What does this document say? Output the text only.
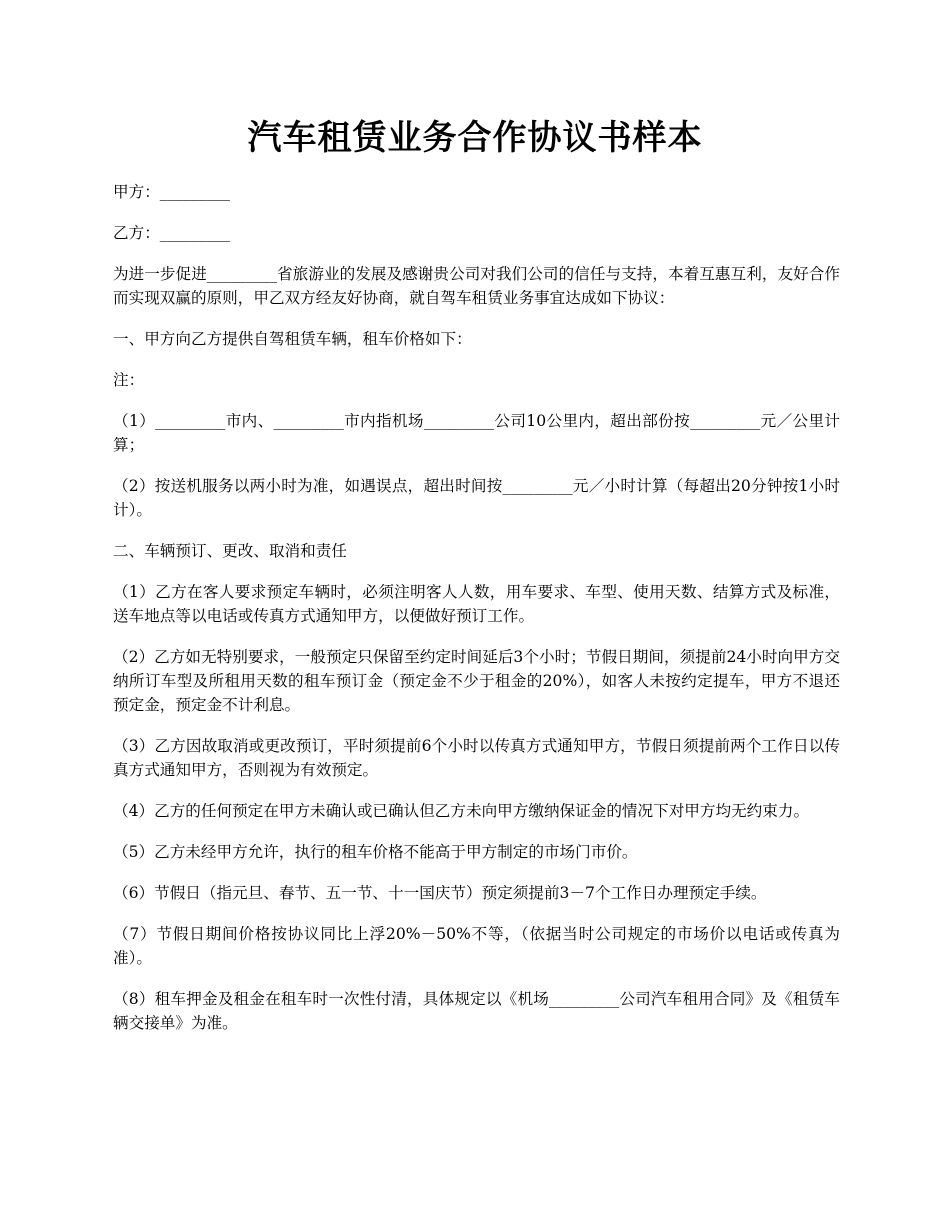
汽车租赁业务合作协议书样本

甲方：_________

乙方：_________

为进一步促进_________省旅游业的发展及感谢贵公司对我们公司的信任与支持，本着互惠互利，友好合作而实现双赢的原则，甲乙双方经友好协商，就自驾车租赁业务事宜达成如下协议：

一、甲方向乙方提供自驾租赁车辆，租车价格如下：

注：

（1）_________市内、_________市内指机场_________公司10公里内，超出部份按_________元／公里计算；

（2）按送机服务以两小时为准，如遇误点，超出时间按_________元／小时计算（每超出20分钟按1小时计）。

二、车辆预订、更改、取消和责任

（1）乙方在客人要求预定车辆时，必须注明客人人数，用车要求、车型、使用天数、结算方式及标准，送车地点等以电话或传真方式通知甲方，以便做好预订工作。

（2）乙方如无特别要求，一般预定只保留至约定时间延后3个小时；节假日期间，须提前24小时向甲方交纳所订车型及所租用天数的租车预订金（预定金不少于租金的20%），如客人未按约定提车，甲方不退还预定金，预定金不计利息。

（3）乙方因故取消或更改预订，平时须提前6个小时以传真方式通知甲方，节假日须提前两个工作日以传真方式通知甲方，否则视为有效预定。

（4）乙方的任何预定在甲方未确认或已确认但乙方未向甲方缴纳保证金的情况下对甲方均无约束力。

（5）乙方未经甲方允许，执行的租车价格不能高于甲方制定的市场门市价。

（6）节假日（指元旦、春节、五一节、十一国庆节）预定须提前3－7个工作日办理预定手续。

（7）节假日期间价格按协议同比上浮20%－50%不等，（依据当时公司规定的市场价以电话或传真为准）。

（8）租车押金及租金在租车时一次性付清，具体规定以《机场_________公司汽车租用合同》及《租赁车辆交接单》为准。
